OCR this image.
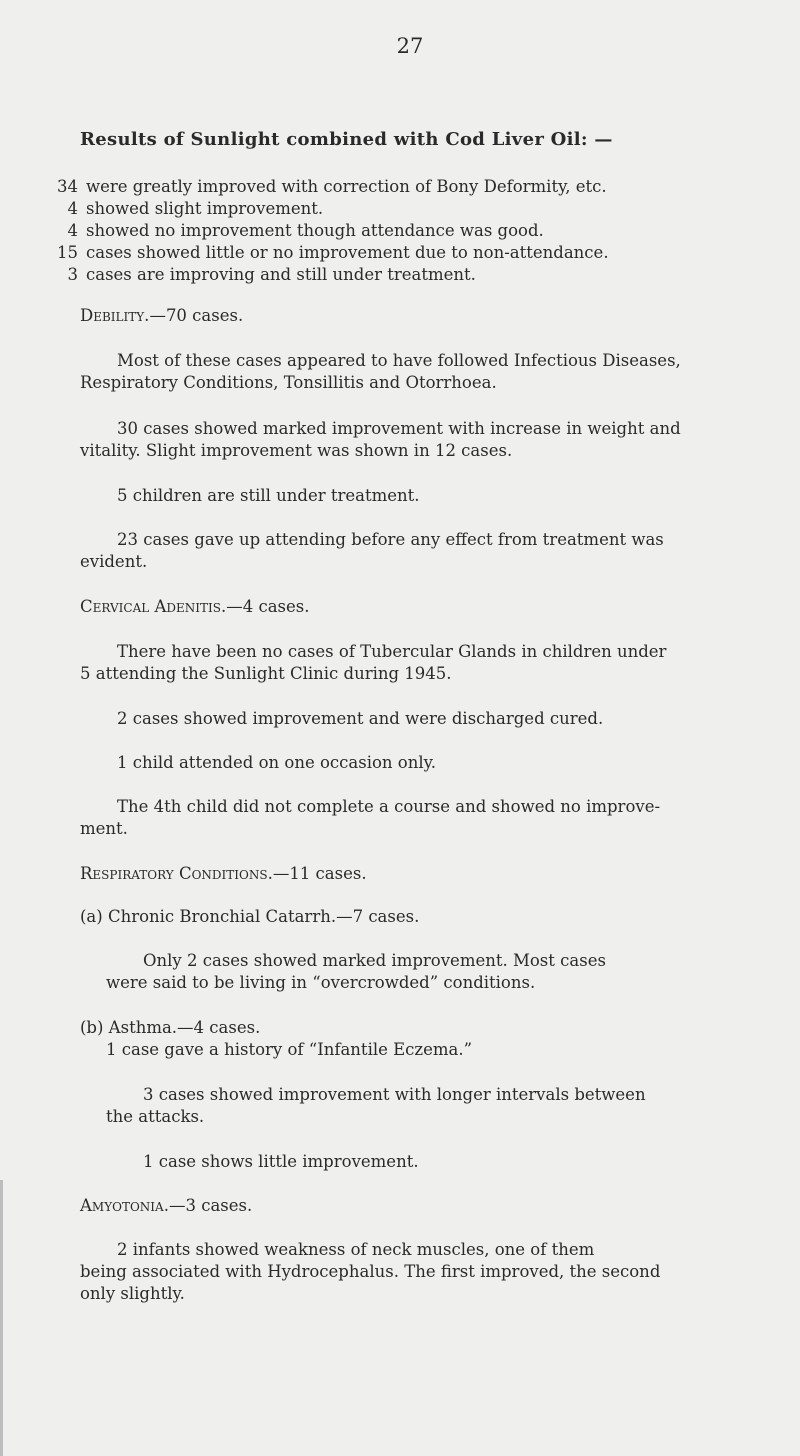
27
Results of Sunlight combined with Cod Liver Oil: —
34 were greatly improved with correction of Bony Deformity, etc.
4 showed slight improvement.
4 showed no improvement though attendance was good.
15 cases showed little or no improvement due to non-attendance.
3 cases are improving and still under treatment.
Debility.—70 cases.
Most of these cases appeared to have followed Infectious Diseases,
Respiratory Conditions, Tonsillitis and Otorrhoea.
30 cases showed marked improvement with increase in weight and
vitality. Slight improvement was shown in 12 cases.
5 children are still under treatment.
23 cases gave up attending before any effect from treatment was
evident.
Cervical Adenitis.—4 cases.
There have been no cases of Tubercular Glands in children under
5 attending the Sunlight Clinic during 1945.
2 cases showed improvement and were discharged cured.
1 child attended on one occasion only.
The 4th child did not complete a course and showed no improve-
ment.
Respiratory Conditions.—11 cases.
(a) Chronic Bronchial Catarrh.—7 cases.
Only 2 cases showed marked improvement. Most cases
were said to be living in “overcrowded” conditions.
(b) Asthma.—4 cases.
1 case gave a history of “Infantile Eczema.”
3 cases showed improvement with longer intervals between
the attacks.
1 case shows little improvement.
Amyotonia.—3 cases.
2 infants showed weakness of neck muscles, one of them
being associated with Hydrocephalus. The first improved, the second
only slightly.
